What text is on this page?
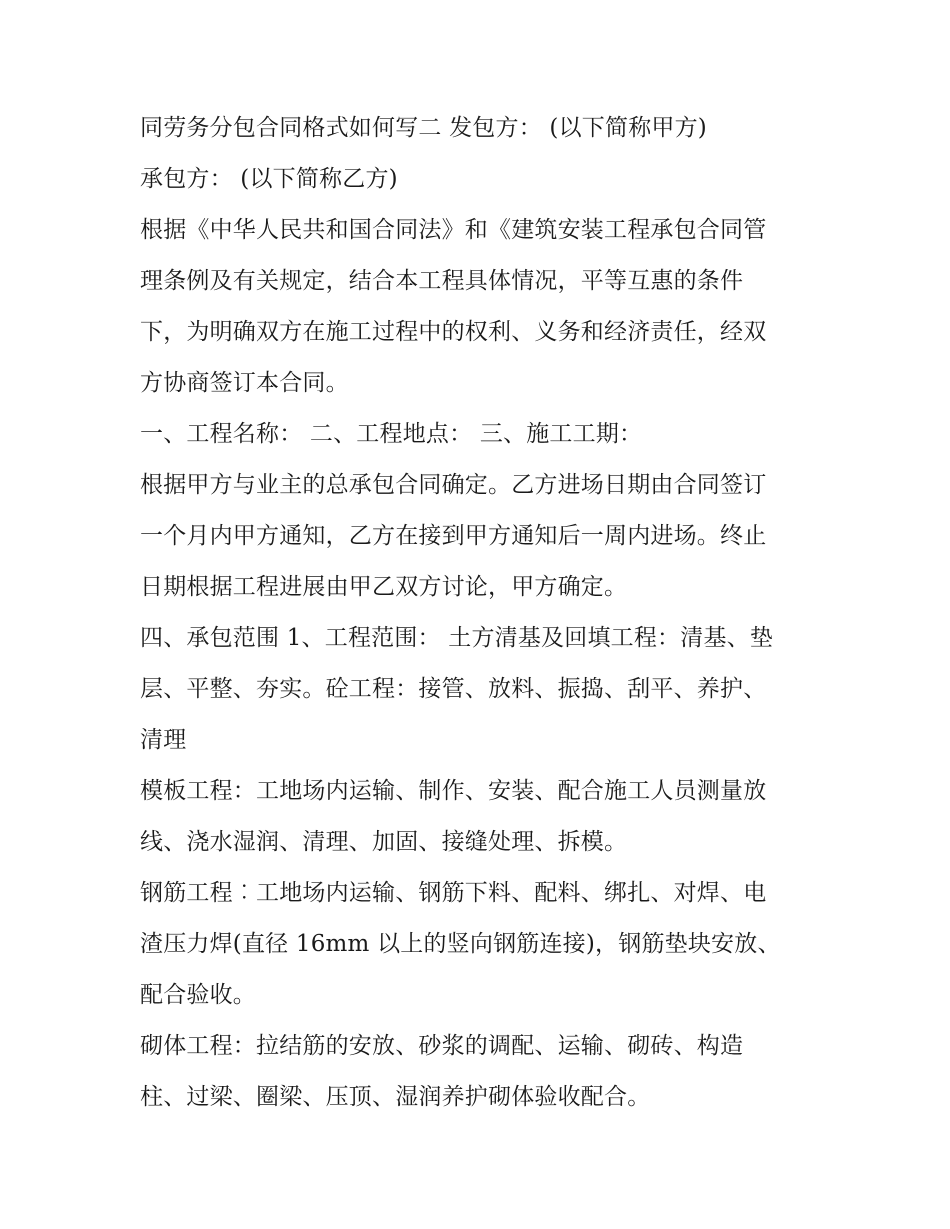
同劳务分包合同格式如何写二 发包方： (以下简称甲方)
承包方： (以下简称乙方)
根据《中华人民共和国合同法》和《建筑安装工程承包合同管
理条例及有关规定，结合本工程具体情况，平等互惠的条件
下，为明确双方在施工过程中的权利、义务和经济责任，经双
方协商签订本合同。
一、工程名称： 二、工程地点： 三、施工工期：
根据甲方与业主的总承包合同确定。乙方进场日期由合同签订
一个月内甲方通知，乙方在接到甲方通知后一周内进场。终止
日期根据工程进展由甲乙双方讨论，甲方确定。
四、承包范围 1、工程范围： 土方清基及回填工程：清基、垫
层、平整、夯实。砼工程：接管、放料、振捣、刮平、养护、
清理
模板工程：工地场内运输、制作、安装、配合施工人员测量放
线、浇水湿润、清理、加固、接缝处理、拆模。
钢筋工程︰工地场内运输、钢筋下料、配料、绑扎、对焊、电
渣压力焊(直径 16mm 以上的竖向钢筋连接)，钢筋垫块安放、
配合验收。
砌体工程：拉结筋的安放、砂浆的调配、运输、砌砖、构造
柱、过梁、圈梁、压顶、湿润养护砌体验收配合。
